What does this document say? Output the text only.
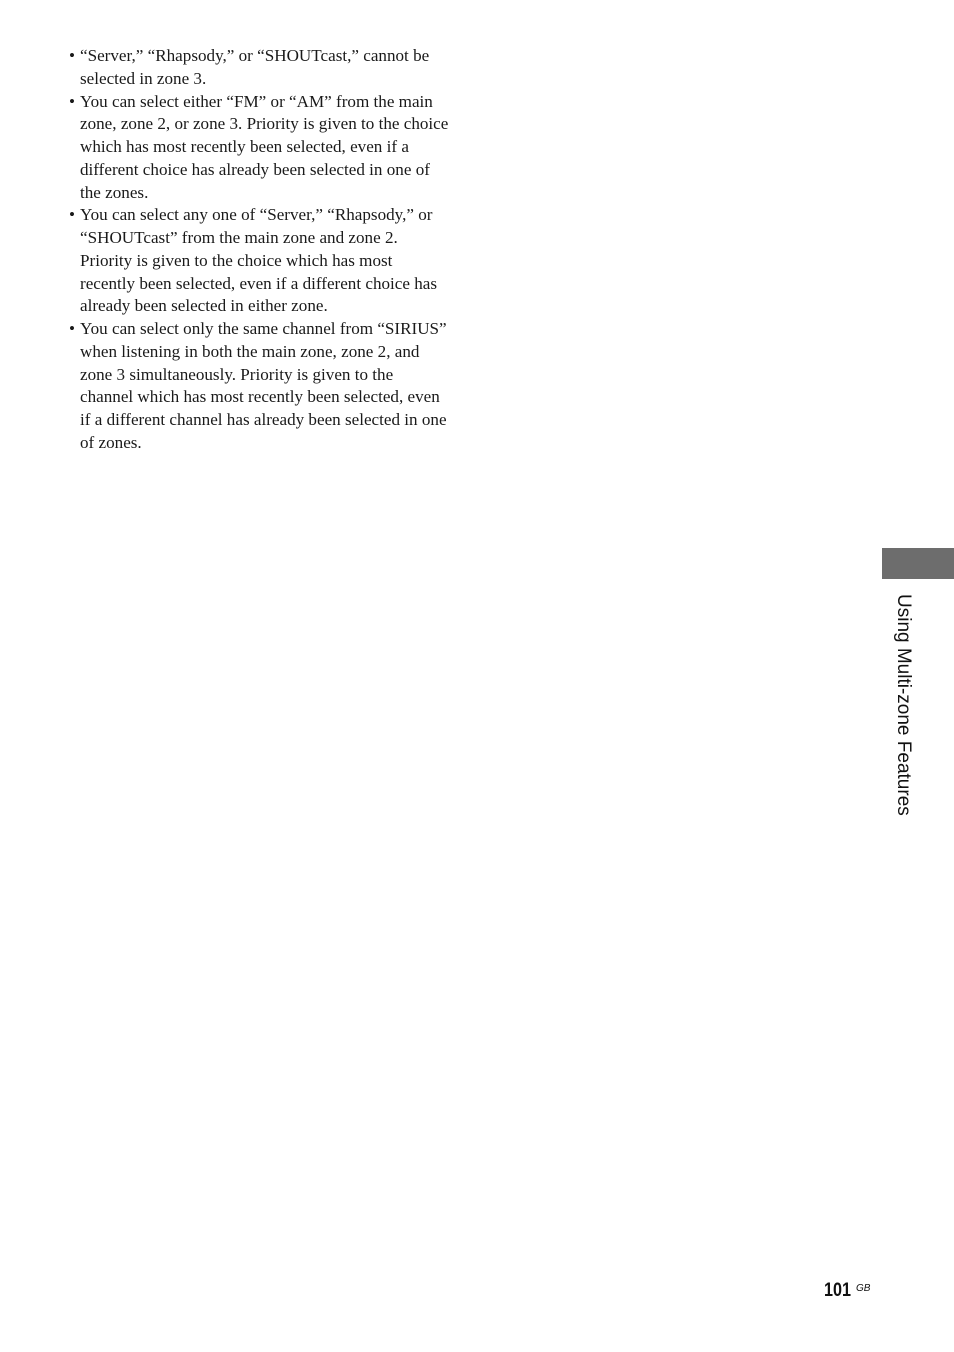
• “Server,” “Rhapsody,” or “SHOUTcast,” cannot be selected in zone 3.
• You can select either “FM” or “AM” from the main zone, zone 2, or zone 3. Priority is given to the choice which has most recently been selected, even if a different choice has already been selected in one of the zones.
• You can select any one of “Server,” “Rhapsody,” or “SHOUTcast” from the main zone and zone 2. Priority is given to the choice which has most recently been selected, even if a different choice has already been selected in either zone.
• You can select only the same channel from “SIRIUS” when listening in both the main zone, zone 2, and zone 3 simultaneously. Priority is given to the channel which has most recently been selected, even if a different channel has already been selected in one of zones.
Using Multi-zone Features
101 GB
